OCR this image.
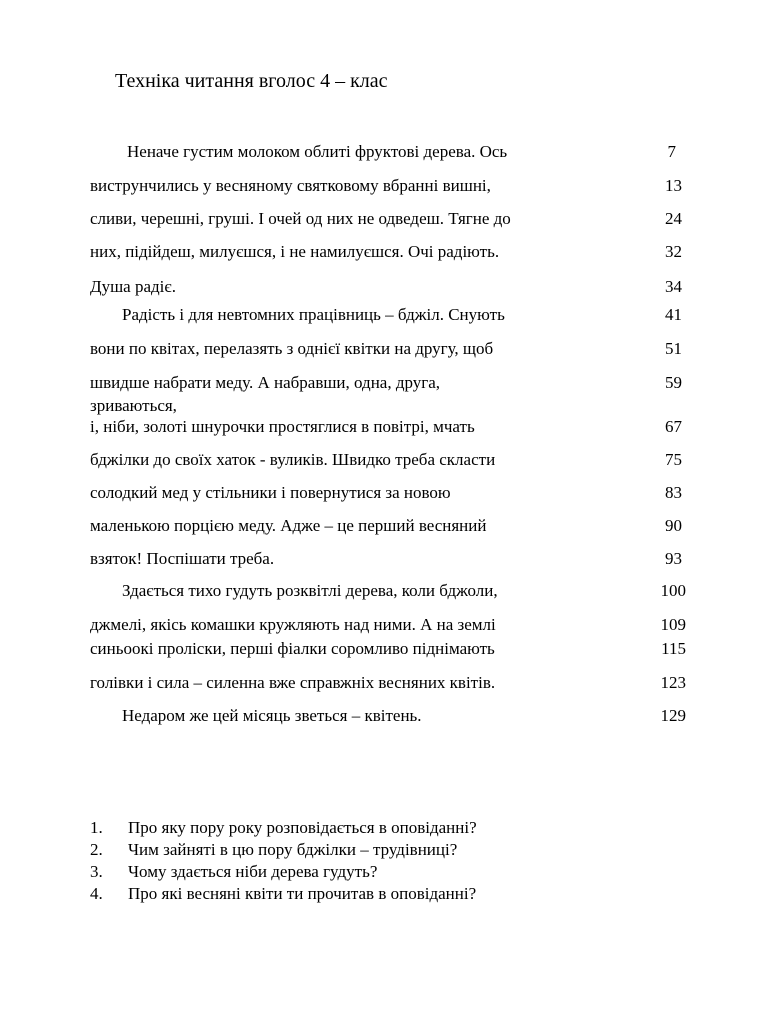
Техніка читання вголос 4 – клас
Неначе густим молоком облиті фруктові дерева. Ось	7
виструнчились у весняному святковому вбранні вишні,	13
сливи, черешні, груші. І очей од них не одведеш. Тягне до	24
них, підійдеш, милуєшся, і не намилуєшся. Очі радіють.	32
Душа радіє.	34
Радість і для невтомних працівниць – бджіл. Снують	41
вони по квітах, перелазять з однієї квітки на другу, щоб	51
швидше набрати меду. А набравши, одна, друга,	59
зриваються,
і, ніби, золоті шнурочки простяглися в повітрі, мчать	67
бджілки до своїх хаток - вуликів. Швидко треба скласти	75
солодкий мед у стільники і повернутися за новою	83
маленькою порцією меду. Адже – це перший весняний	90
взяток! Поспішати треба.	93
Здається тихо гудуть розквітлі дерева, коли бджоли,	100
джмелі, якісь комашки кружляють над ними. А на землі	109
синьоокі проліски, перші фіалки соромливо піднімають	115
голівки і сила – силенна вже справжніх весняних квітів.	123
Недаром же цей місяць зветься – квітень.	129
1. Про яку пору року розповідається в оповіданні?
2. Чим зайняті в цю пору бджілки – трудівниці?
3. Чому здається ніби дерева гудуть?
4. Про які весняні квіти ти прочитав в оповіданні?
